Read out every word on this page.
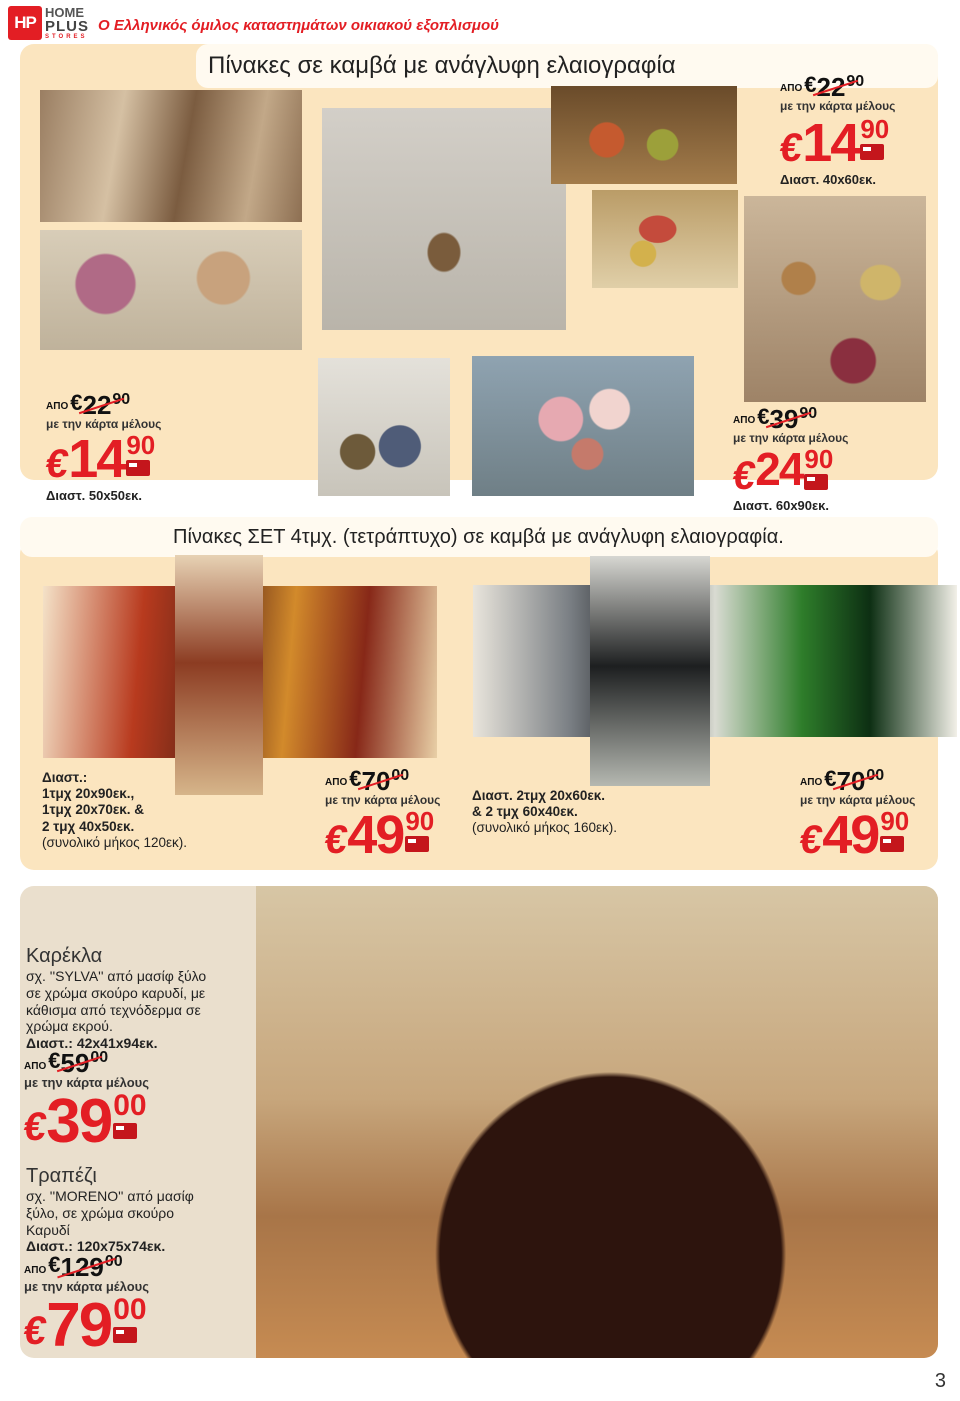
HP
HOME
PLUS
STORES
Ο Ελληνικός όμιλος καταστημάτων οικιακού εξοπλισμού
Πίνακες σε καμβά με ανάγλυφη ελαιογραφία
ΑΠΟ € 22 90
με την κάρτα μέλους
€
14 90
Διαστ. 40x60εκ.
ΑΠΟ € 22 90
με την κάρτα μέλους
€
14 90
Διαστ. 50x50εκ.
ΑΠΟ € 39 90
με την κάρτα μέλους
€
24 90
Διαστ. 60x90εκ.
Πίνακες ΣΕΤ 4τμχ. (τετράπτυχο) σε καμβά με ανάγλυφη ελαιογραφία.
Διαστ.:
1τμχ 20x90εκ.,
1τμχ 20x70εκ. &
2 τμχ 40x50εκ.
(συνολικό μήκος 120εκ).
ΑΠΟ € 70 00
με την κάρτα μέλους
€
49 90
Διαστ. 2τμχ 20x60εκ.
& 2 τμχ 60x40εκ.
(συνολικό μήκος 160εκ).
ΑΠΟ € 70 00
με την κάρτα μέλους
€
49 90
Καρέκλα
σχ. ''SYLVA'' από μασίφ ξύλο
σε χρώμα σκούρο καρυδί, με
κάθισμα από τεχνόδερμα σε
χρώμα εκρού.
Διαστ.: 42x41x94εκ.
ΑΠΟ € 59 00
με την κάρτα μέλους
€
39 00
Τραπέζι
σχ. ''MORENO'' από μασίφ
ξύλο, σε χρώμα σκούρο
Καρυδί
Διαστ.: 120x75x74εκ.
ΑΠΟ € 129 00
με την κάρτα μέλους
€
79 00
3
